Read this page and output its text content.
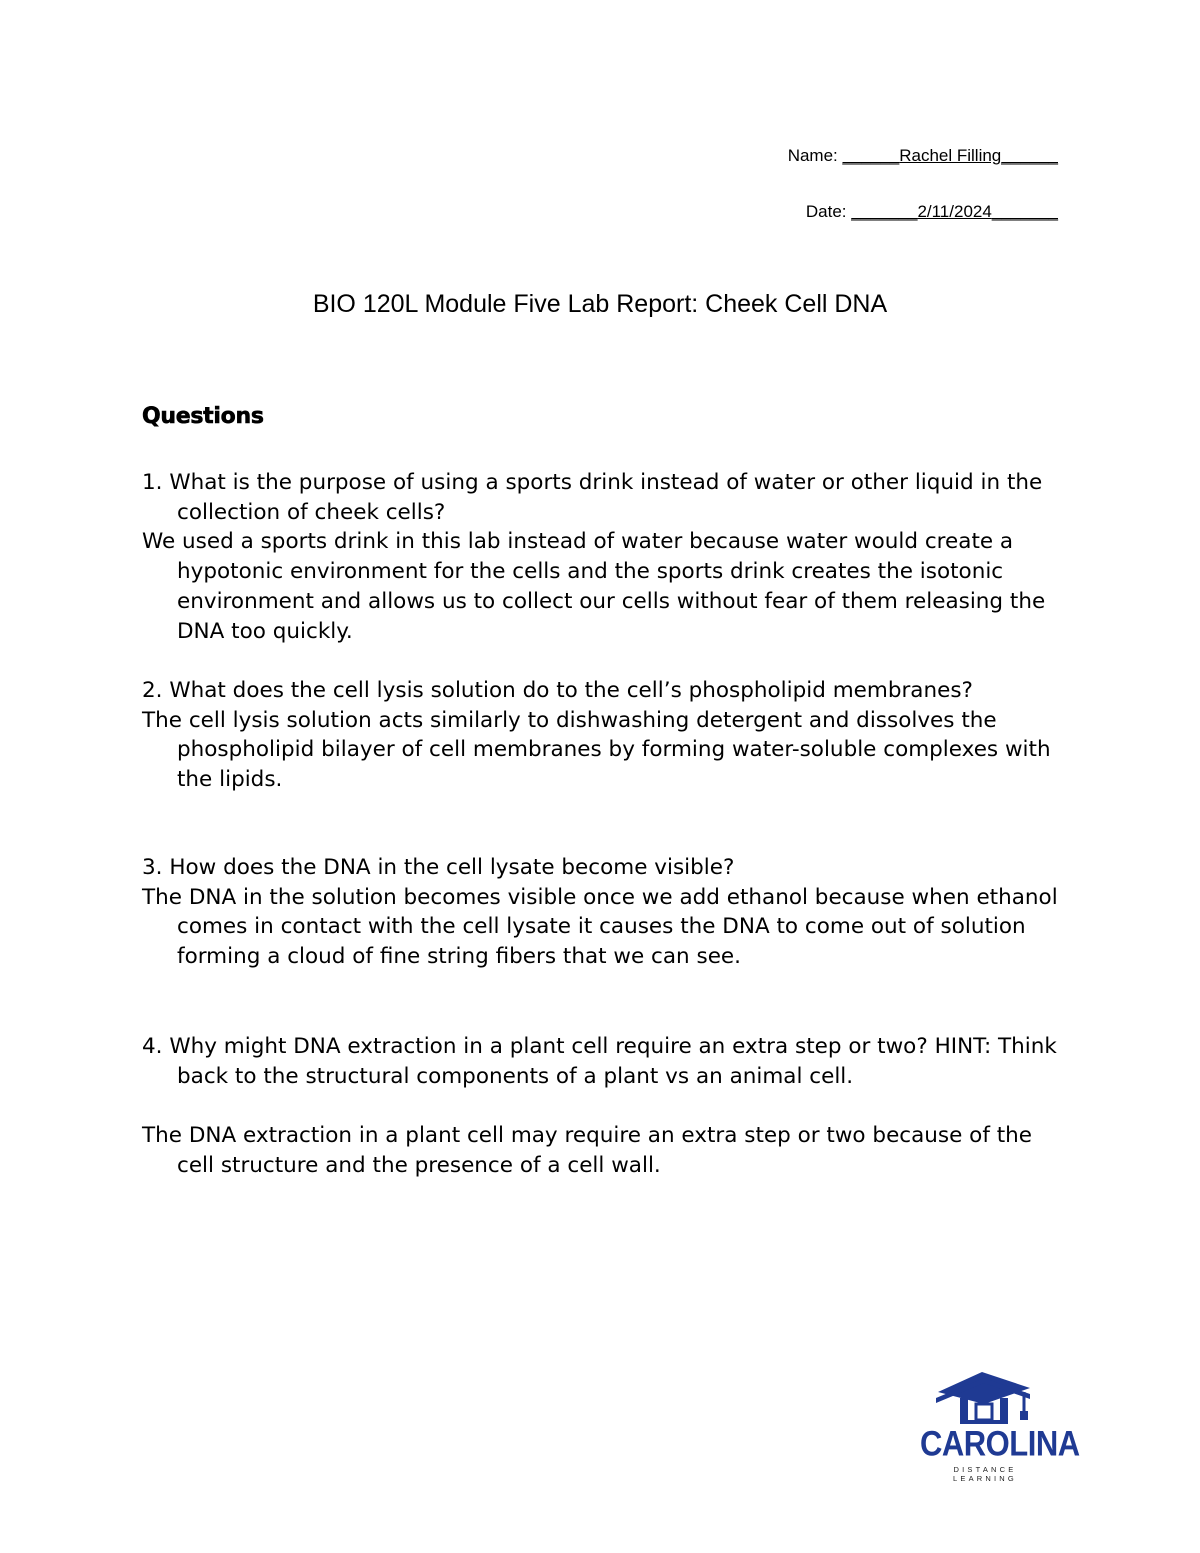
Name: ______Rachel Filling______
Date: _______2/11/2024_______
BIO 120L Module Five Lab Report: Cheek Cell DNA
Questions

1. What is the purpose of using a sports drink instead of water or other liquid in the collection of cheek cells?

We used a sports drink in this lab instead of water because water would create a hypotonic environment for the cells and the sports drink creates the isotonic environment and allows us to collect our cells without fear of them releasing the DNA too quickly.

2. What does the cell lysis solution do to the cell’s phospholipid membranes?

The cell lysis solution acts similarly to dishwashing detergent and dissolves the phospholipid bilayer of cell membranes by forming water-soluble complexes with the lipids.

3. How does the DNA in the cell lysate become visible?

The DNA in the solution becomes visible once we add ethanol because when ethanol comes in contact with the cell lysate it causes the DNA to come out of solution forming a cloud of fine string fibers that we can see.

4. Why might DNA extraction in a plant cell require an extra step or two? HINT: Think back to the structural components of a plant vs an animal cell.

The DNA extraction in a plant cell may require an extra step or two because of the cell structure and the presence of a cell wall.

CAROLINA
DISTANCE LEARNING
